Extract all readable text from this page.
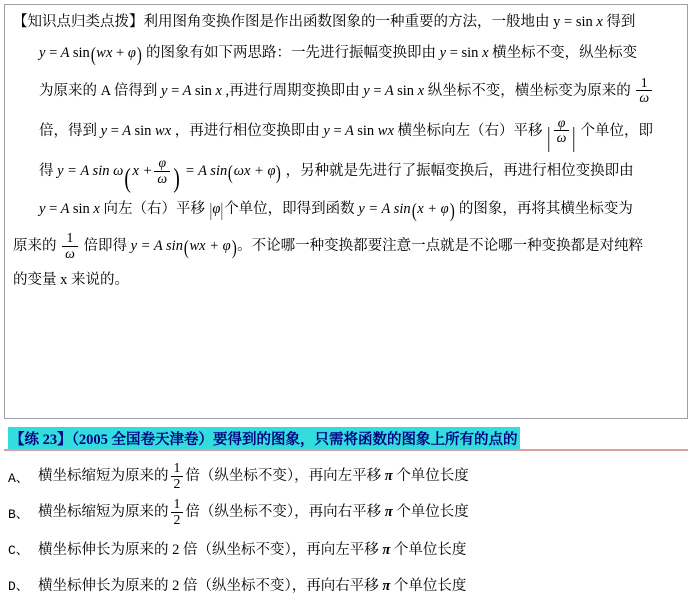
【知识点归类点拨】利用图角变换作图是作出函数图象的一种重要的方法，一般地由 y = sin x 得到

y = A sin(wx + φ) 的图象有如下两思路：一先进行振幅变换即由 y = sin x 横坐标不变，纵坐标变

为原来的 A 倍得到 y = A sin x ,再进行周期变换即由 y = A sin x 纵坐标不变，横坐标变为原来的 $\frac{1}{\omega}$

倍，得到 y = A sin wx ，再进行相位变换即由 y = A sin wx 横坐标向左（右）平移 | $\frac{\varphi}{\omega}$ | 个单位，即

得 y = A $\sin \omega(x + \frac{\varphi}{\omega}$ ) = A sin(ωx + φ) ，另种就是先进行了振幅变换后，再进行相位变换即由

y = A sin x 向左（右）平移 |φ|个单位，即得到函数 y = A sin(x + φ) 的图象，再将其横坐标变为

原来的 $\frac{1}{\omega}$ 倍即得 y = A sin(wx + φ)。不论哪一种变换都要注意一点就是不论哪一种变换都是对纯粹

的变量 x 来说的。

【练 23】（2005 全国卷天津卷）要得到的图象，只需将函数的图象上所有的点的
A、 横坐标缩短为原来的 $\frac{1}{2}$ 倍（纵坐标不变），再向左平移 π 个单位长度
B、 横坐标缩短为原来的 $\frac{1}{2}$ 倍（纵坐标不变），再向右平移 π 个单位长度
C、 横坐标伸长为原来的 2 倍（纵坐标不变），再向左平移 π 个单位长度
D、 横坐标伸长为原来的 2 倍（纵坐标不变），再向右平移 π 个单位长度
